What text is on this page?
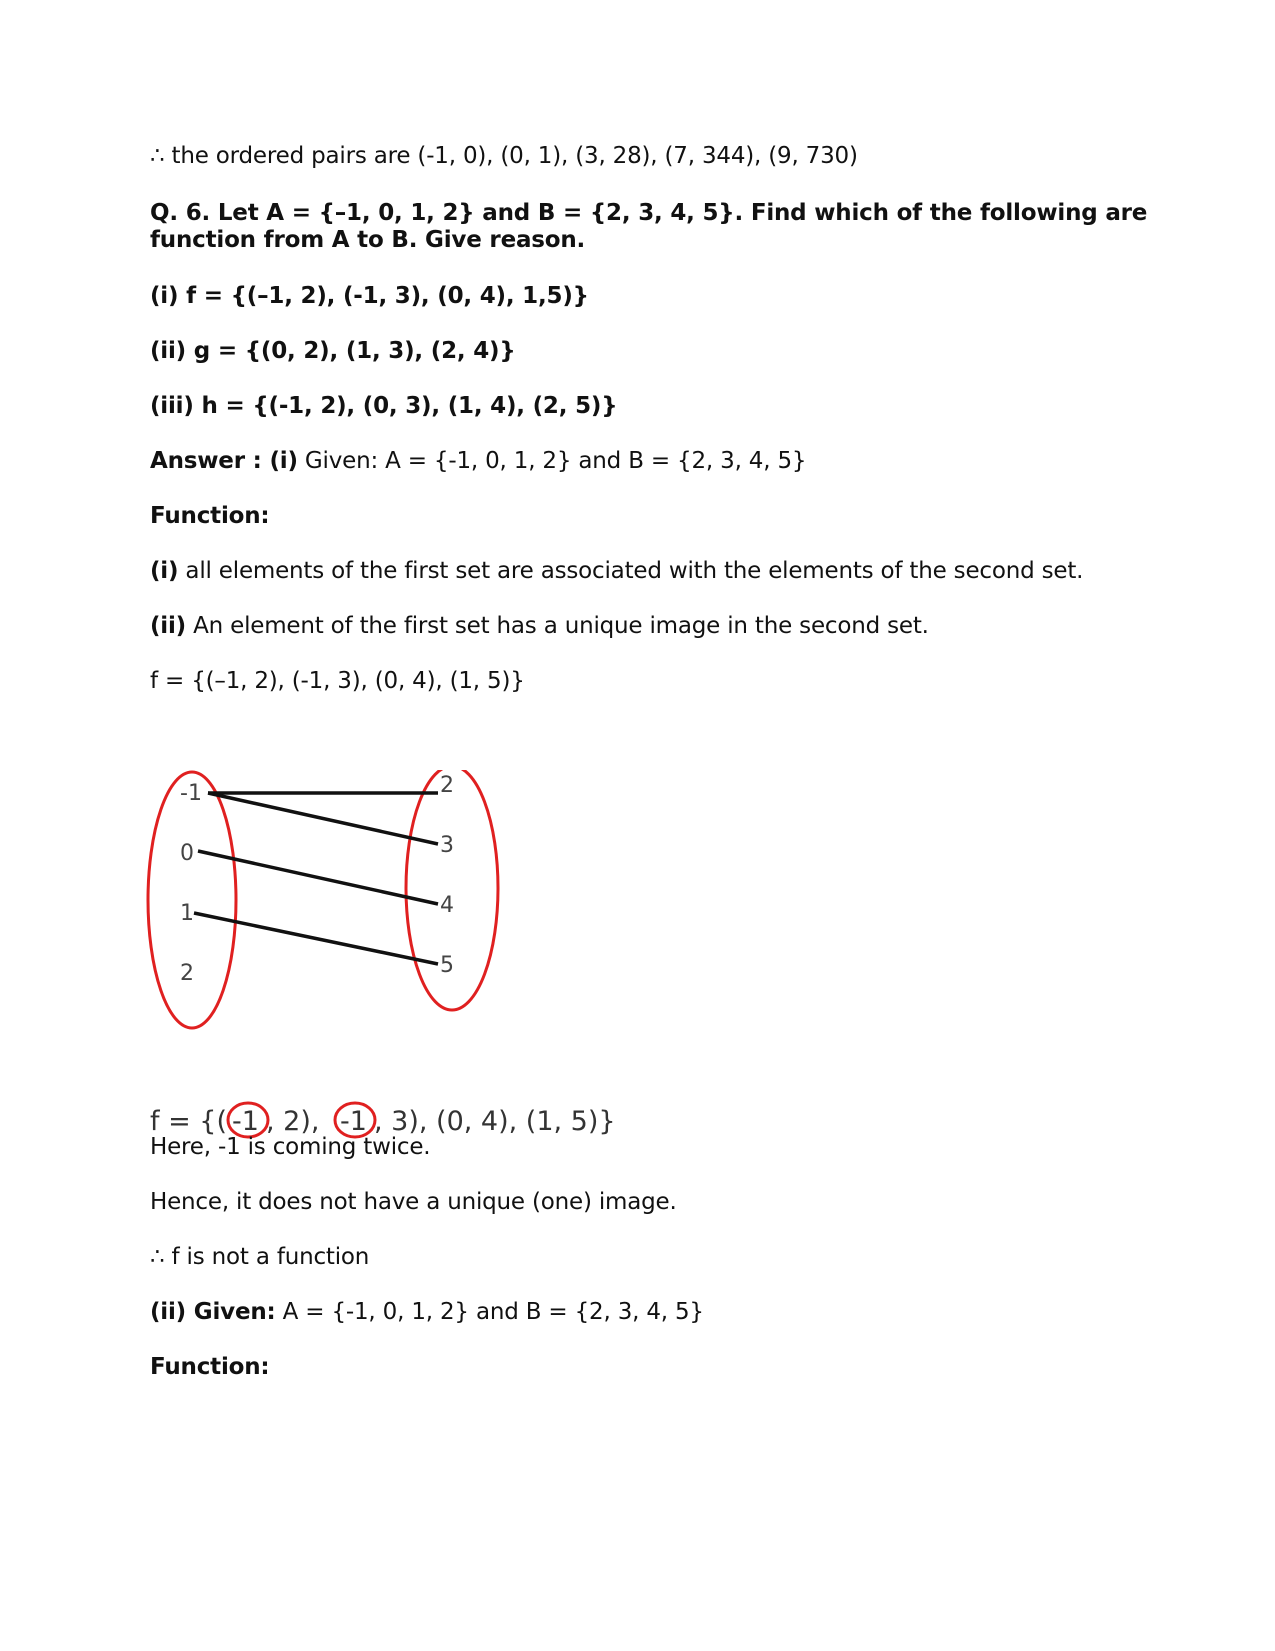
∴ the ordered pairs are (-1, 0), (0, 1), (3, 28), (7, 344), (9, 730)

Q. 6. Let A = {–1, 0, 1, 2} and B = {2, 3, 4, 5}. Find which of the following are

function from A to B. Give reason.

(i) f = {(–1, 2), (-1, 3), (0, 4), 1,5)}

(ii) g = {(0, 2), (1, 3), (2, 4)}

(iii) h = {(-1, 2), (0, 3), (1, 4), (2, 5)}

Answer : (i) Given: A = {-1, 0, 1, 2} and B = {2, 3, 4, 5}

Function:

(i) all elements of the first set are associated with the elements of the second set.

(ii) An element of the first set has a unique image in the second set.

f = {(–1, 2), (-1, 3), (0, 4), (1, 5)}

-1
0
1
2
2
3
4
5
f = {( -1 , 2), -1 , 3), (0, 4), (1, 5)}

Here, -1 is coming twice.

Hence, it does not have a unique (one) image.

∴ f is not a function

(ii) Given: A = {-1, 0, 1, 2} and B = {2, 3, 4, 5}

Function:
